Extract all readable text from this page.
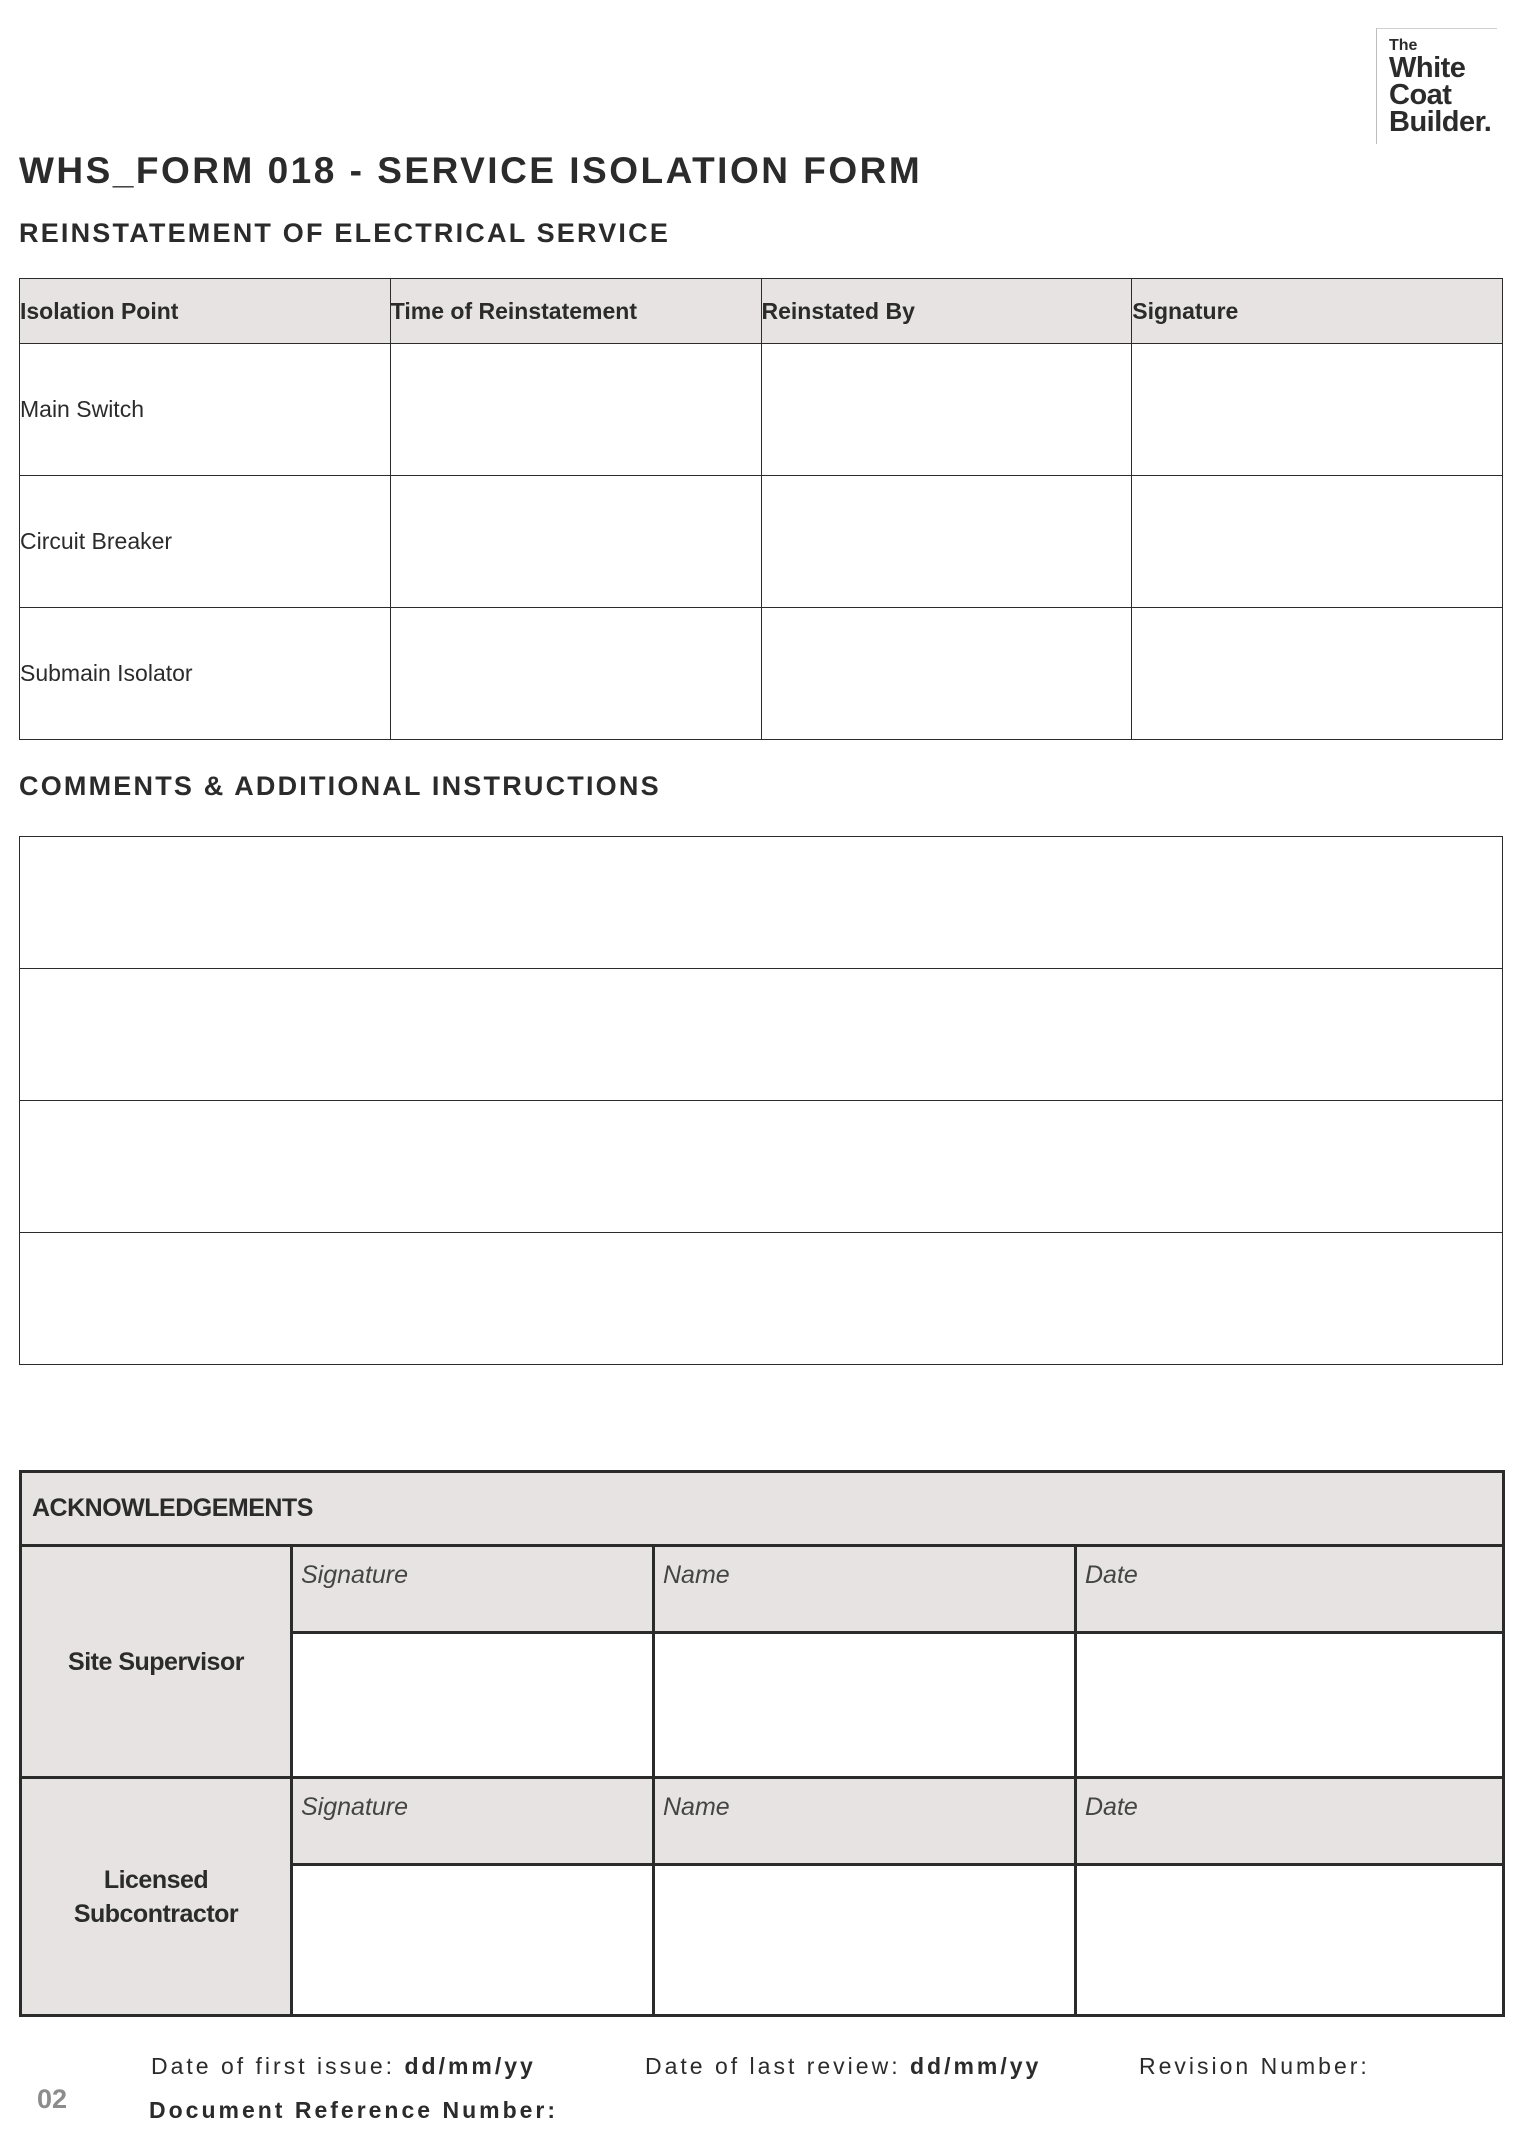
The
White
Coat
Builder.
WHS_FORM 018 - SERVICE ISOLATION FORM
REINSTATEMENT OF ELECTRICAL SERVICE
Isolation Point	Time of Reinstatement	Reinstated By	Signature
Main Switch			
Circuit Breaker			
Submain Isolator			
COMMENTS & ADDITIONAL INSTRUCTIONS

ACKNOWLEDGEMENTS			

Site Supervisor	Signature	Name	Date

Licensed
Subcontractor	Signature	Name	Date

02
Date of first issue: dd/mm/yy	Date of last review: dd/mm/yy	Revision Number:
Document Reference Number:
